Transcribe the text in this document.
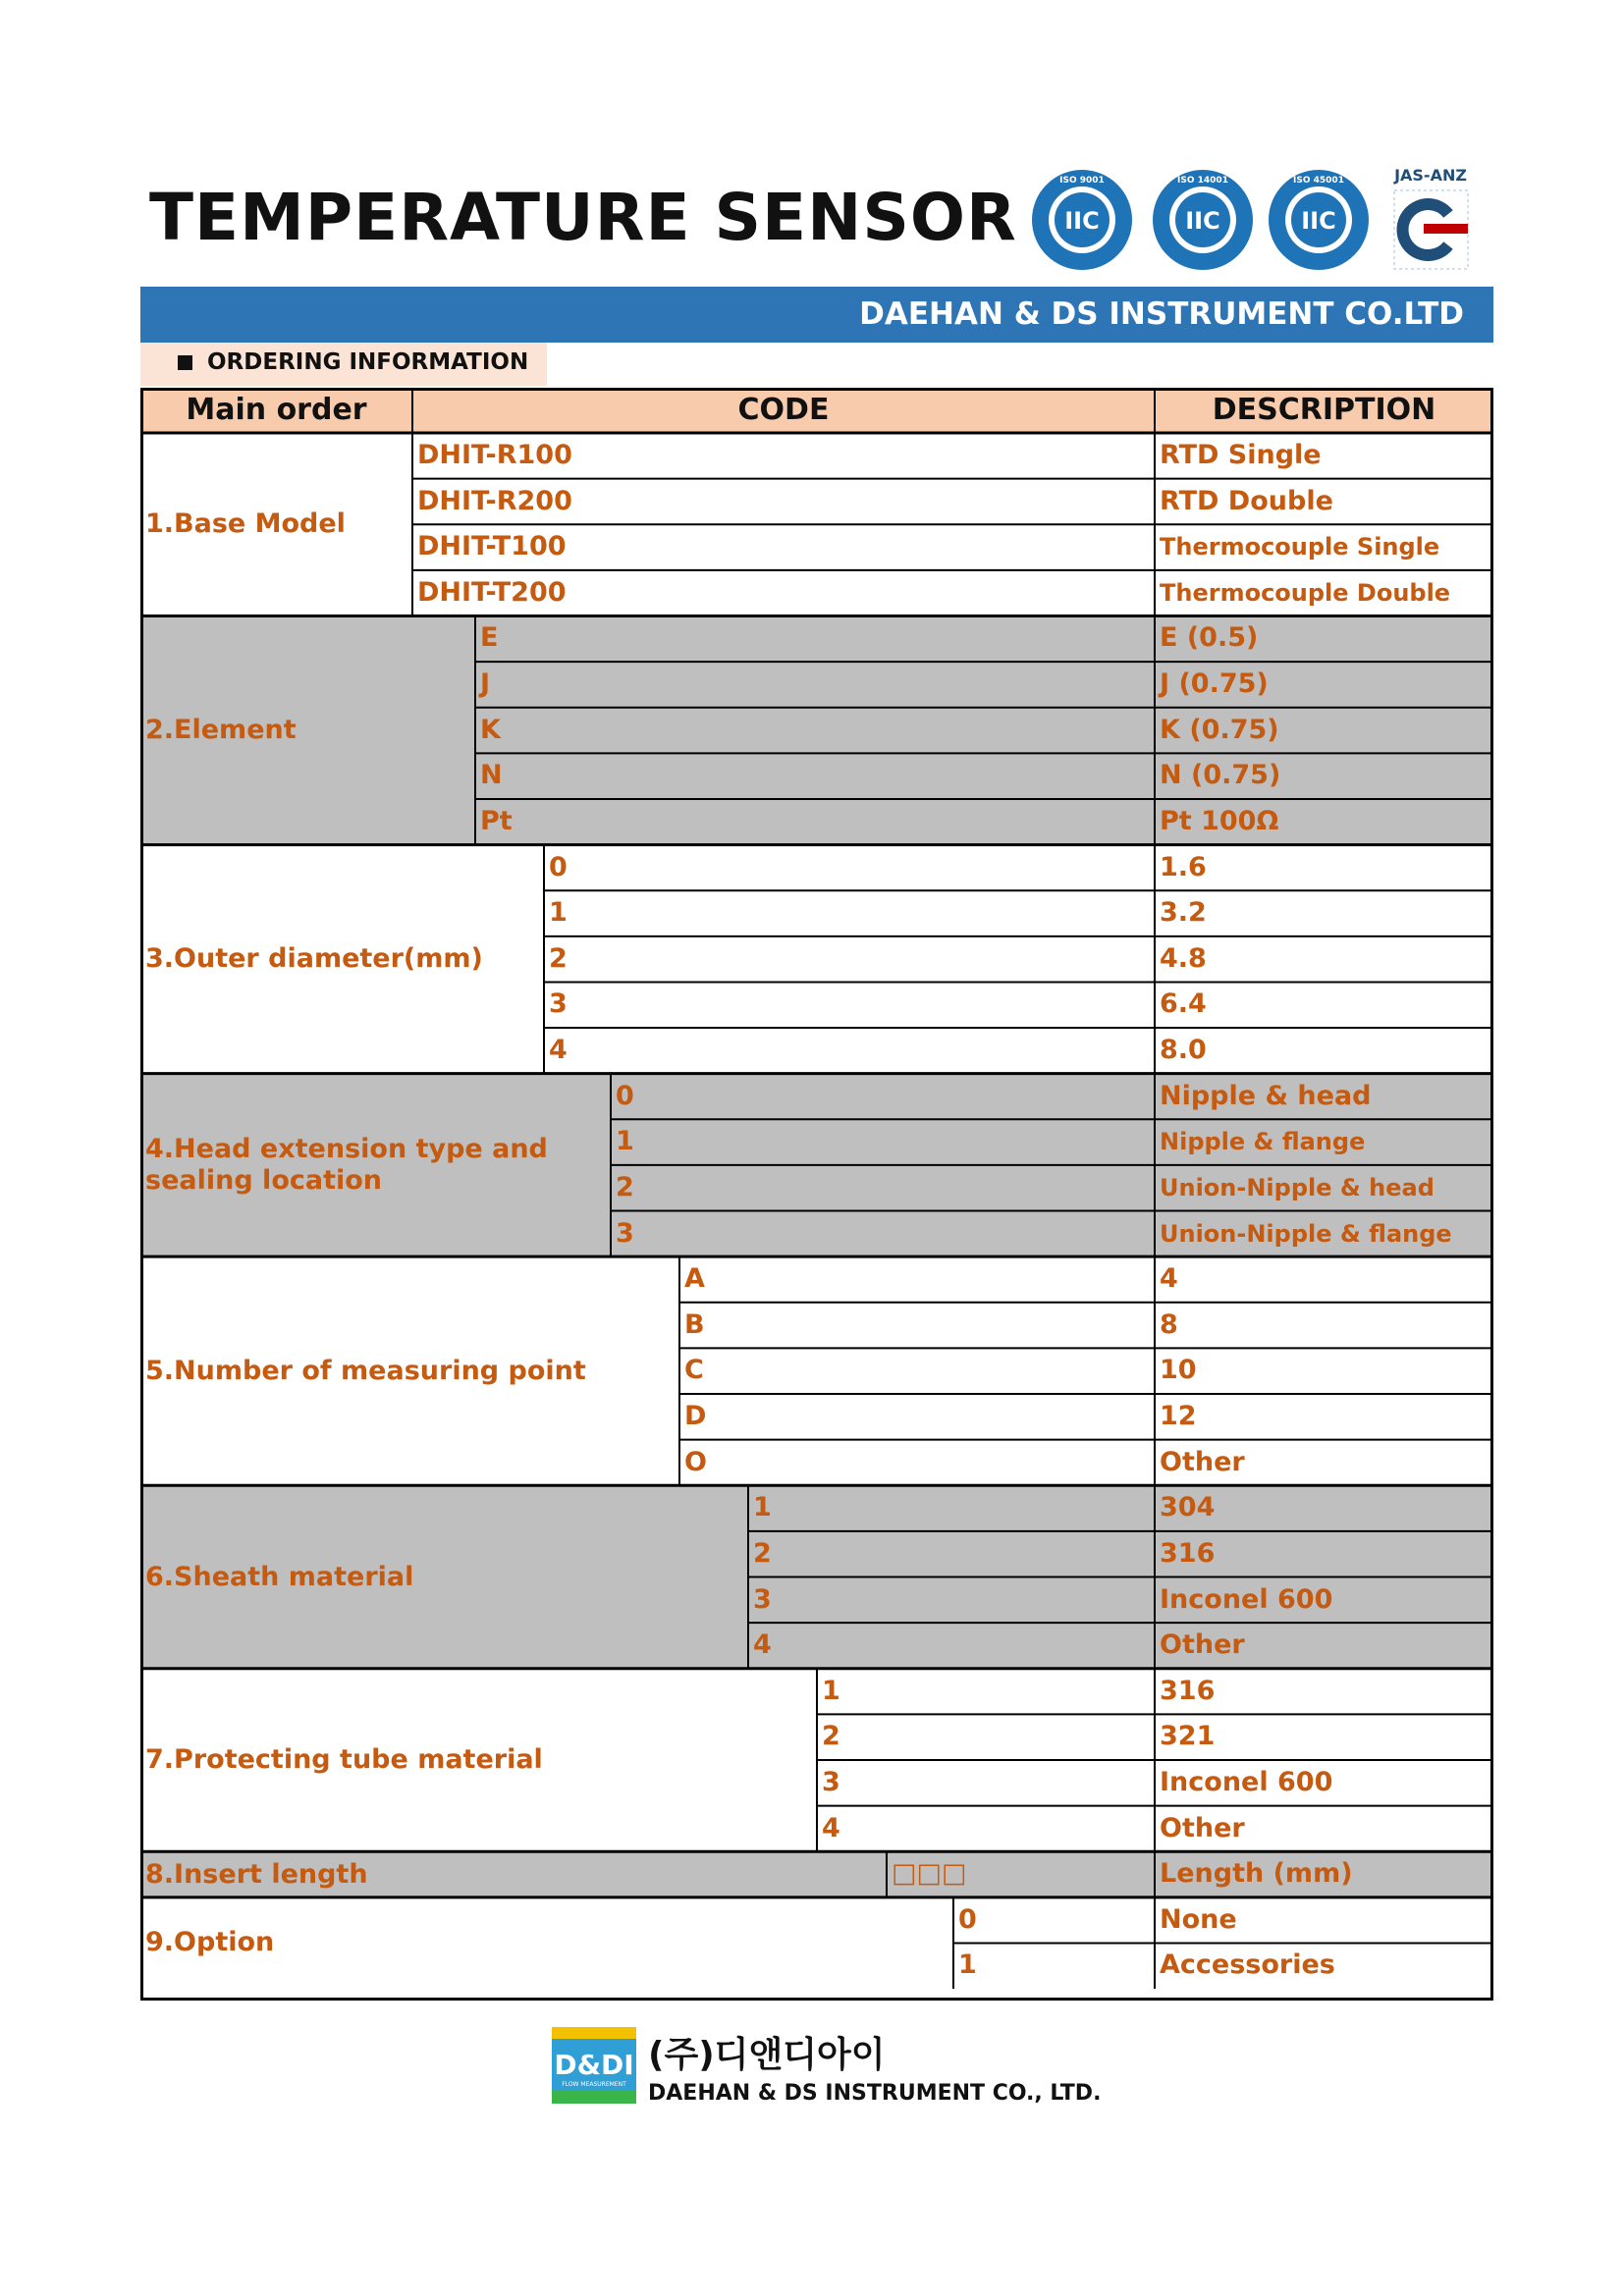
TEMPERATURE SENSOR IIC
ISO 9001
IIC
ISO 14001
IIC
ISO 45001	JAS-ANZ
DAEHAN & DS INSTRUMENT CO.LTD
ORDERING INFORMATION
Main order	CODE	DESCRIPTION
1.Base Model
DHIT-R100	RTD Single
DHIT-R200	RTD Double
DHIT-T100	Thermocouple Single
DHIT-T200	Thermocouple Double
2.Element
E	E (0.5)
J	J (0.75)
K	K (0.75)
N	N (0.75)
Pt	Pt 100Ω
3.Outer diameter(mm)
0	1.6
1	3.2
2	4.8
3	6.4
4	8.0
4.Head extension type and sealing location
0	Nipple & head
1	Nipple & flange
2	Union-Nipple & head
3	Union-Nipple & flange
5.Number of measuring point
A	4
B	8
C	10
D	12
O	Other
6.Sheath material
1	304
2	316
3	Inconel 600
4	Other
7.Protecting tube material
1	316
2	321
3	Inconel 600
4	Other
8.Insert length	□□□	Length (mm)
9.Option
0	None
1	Accessories
D&DI
FLOW MEASUREMENT
(주)디앤디아이
DAEHAN & DS INSTRUMENT CO., LTD.
